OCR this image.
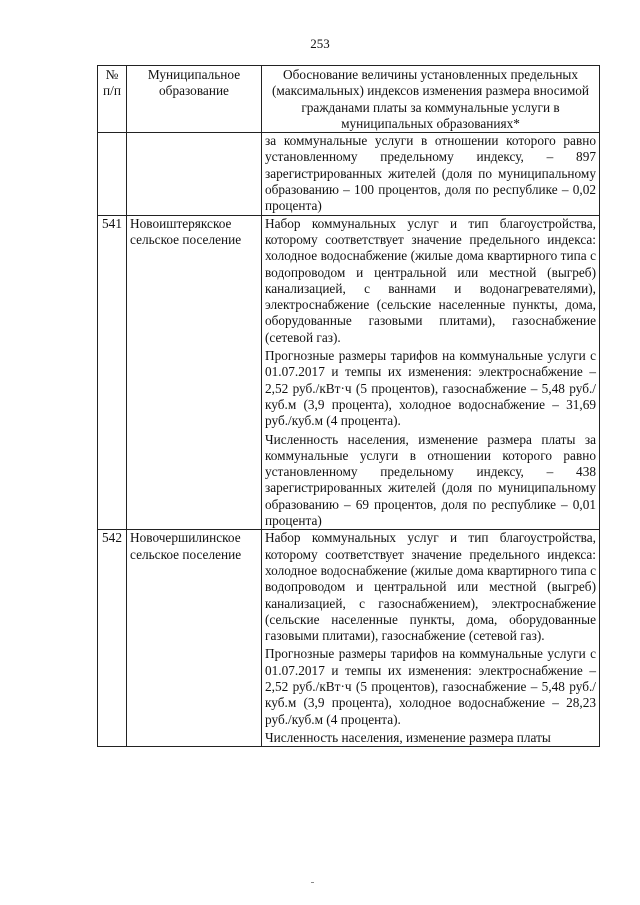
253
№ п/п	Муниципальное образование	Обоснование величины установленных предельных (максимальных) индексов изменения размера вносимой гражданами платы за коммунальные услуги в муниципальных образованиях*

		за коммунальные услуги в отношении которого равно установленному предельному индексу, – 897 зарегистрированных жителей (доля по муниципальному образованию – 100 процентов, доля по республике – 0,02 процента)

541	Новоиштерякское сельское поселение	Набор коммунальных услуг и тип благоустройства, которому соответствует значение предельного индекса: холодное водоснабжение (жилые дома квартирного типа с водопроводом и центральной или местной (выгреб) канализацией, с ваннами и водонагревателями), электроснабжение (сельские населенные пункты, дома, оборудованные газовыми плитами), газоснабжение (сетевой газ).

Прогнозные размеры тарифов на коммунальные услуги с 01.07.2017 и темпы их изменения: электроснабжение – 2,52 руб./кВт·ч (5 процентов), газоснабжение – 5,48 руб./куб.м (3,9 процента), холодное водоснабжение – 31,69 руб./куб.м (4 процента).

Численность населения, изменение размера платы за коммунальные услуги в отношении которого равно установленному предельному индексу, – 438 зарегистрированных жителей (доля по муниципальному образованию – 69 процентов, доля по республике – 0,01 процента)

542	Новочершилинское сельское поселение	Набор коммунальных услуг и тип благоустройства, которому соответствует значение предельного индекса: холодное водоснабжение (жилые дома квартирного типа с водопроводом и центральной или местной (выгреб) канализацией, с газоснабжением), электроснабжение (сельские населенные пункты, дома, оборудованные газовыми плитами), газоснабжение (сетевой газ).

Прогнозные размеры тарифов на коммунальные услуги с 01.07.2017 и темпы их изменения: электроснабжение – 2,52 руб./кВт·ч (5 процентов), газоснабжение – 5,48 руб./куб.м (3,9 процента), холодное водоснабжение – 28,23 руб./куб.м (4 процента).

Численность населения, изменение размера платы
